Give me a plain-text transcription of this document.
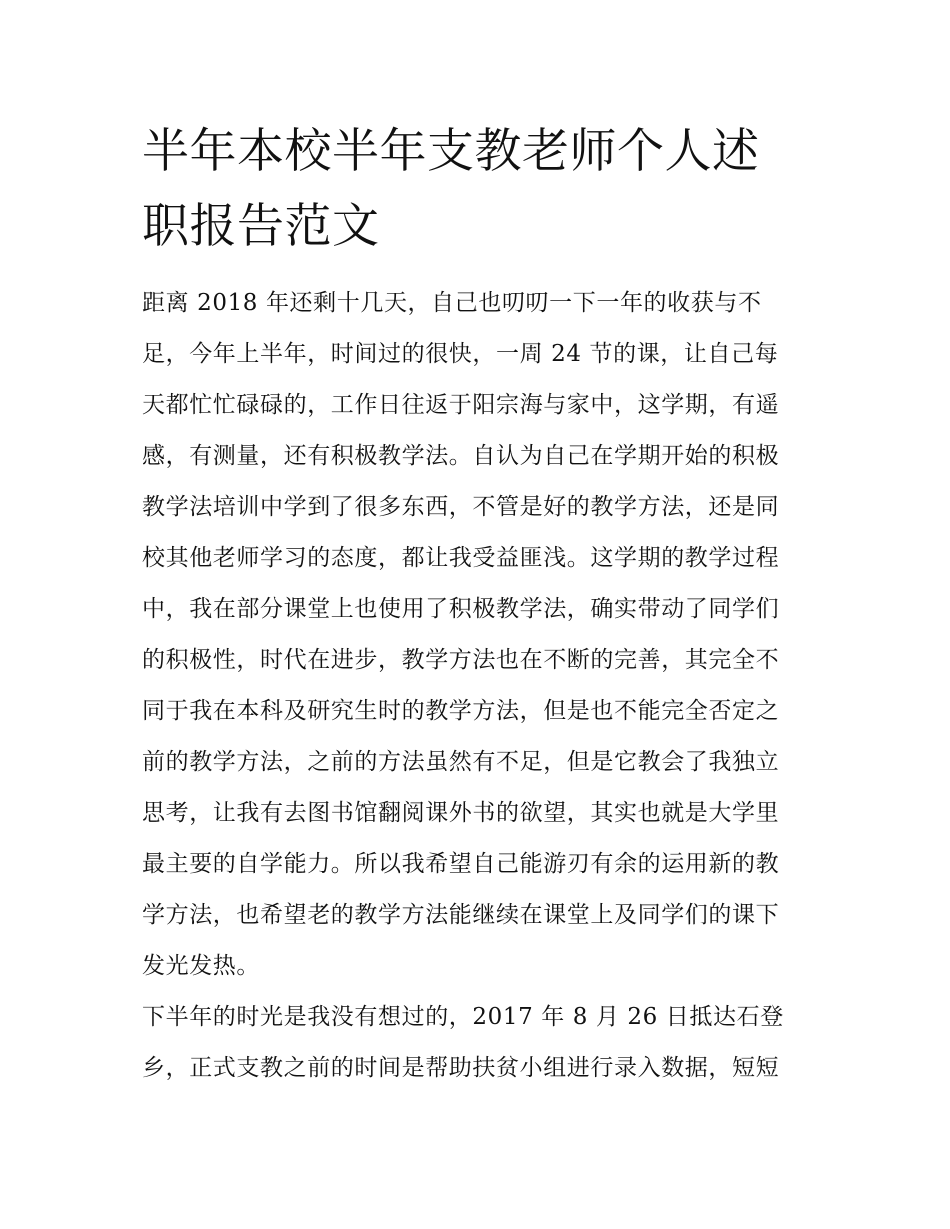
半年本校半年支教老师个人述
职报告范文
距离 2018 年还剩十几天，自己也叨叨一下一年的收获与不
足，今年上半年，时间过的很快，一周 24 节的课，让自己每
天都忙忙碌碌的，工作日往返于阳宗海与家中，这学期，有遥
感，有测量，还有积极教学法。自认为自己在学期开始的积极
教学法培训中学到了很多东西，不管是好的教学方法，还是同
校其他老师学习的态度，都让我受益匪浅。这学期的教学过程
中，我在部分课堂上也使用了积极教学法，确实带动了同学们
的积极性，时代在进步，教学方法也在不断的完善，其完全不
同于我在本科及研究生时的教学方法，但是也不能完全否定之
前的教学方法，之前的方法虽然有不足，但是它教会了我独立
思考，让我有去图书馆翻阅课外书的欲望，其实也就是大学里
最主要的自学能力。所以我希望自己能游刃有余的运用新的教
学方法，也希望老的教学方法能继续在课堂上及同学们的课下
发光发热。
下半年的时光是我没有想过的，2017 年 8 月 26 日抵达石登
乡，正式支教之前的时间是帮助扶贫小组进行录入数据，短短
